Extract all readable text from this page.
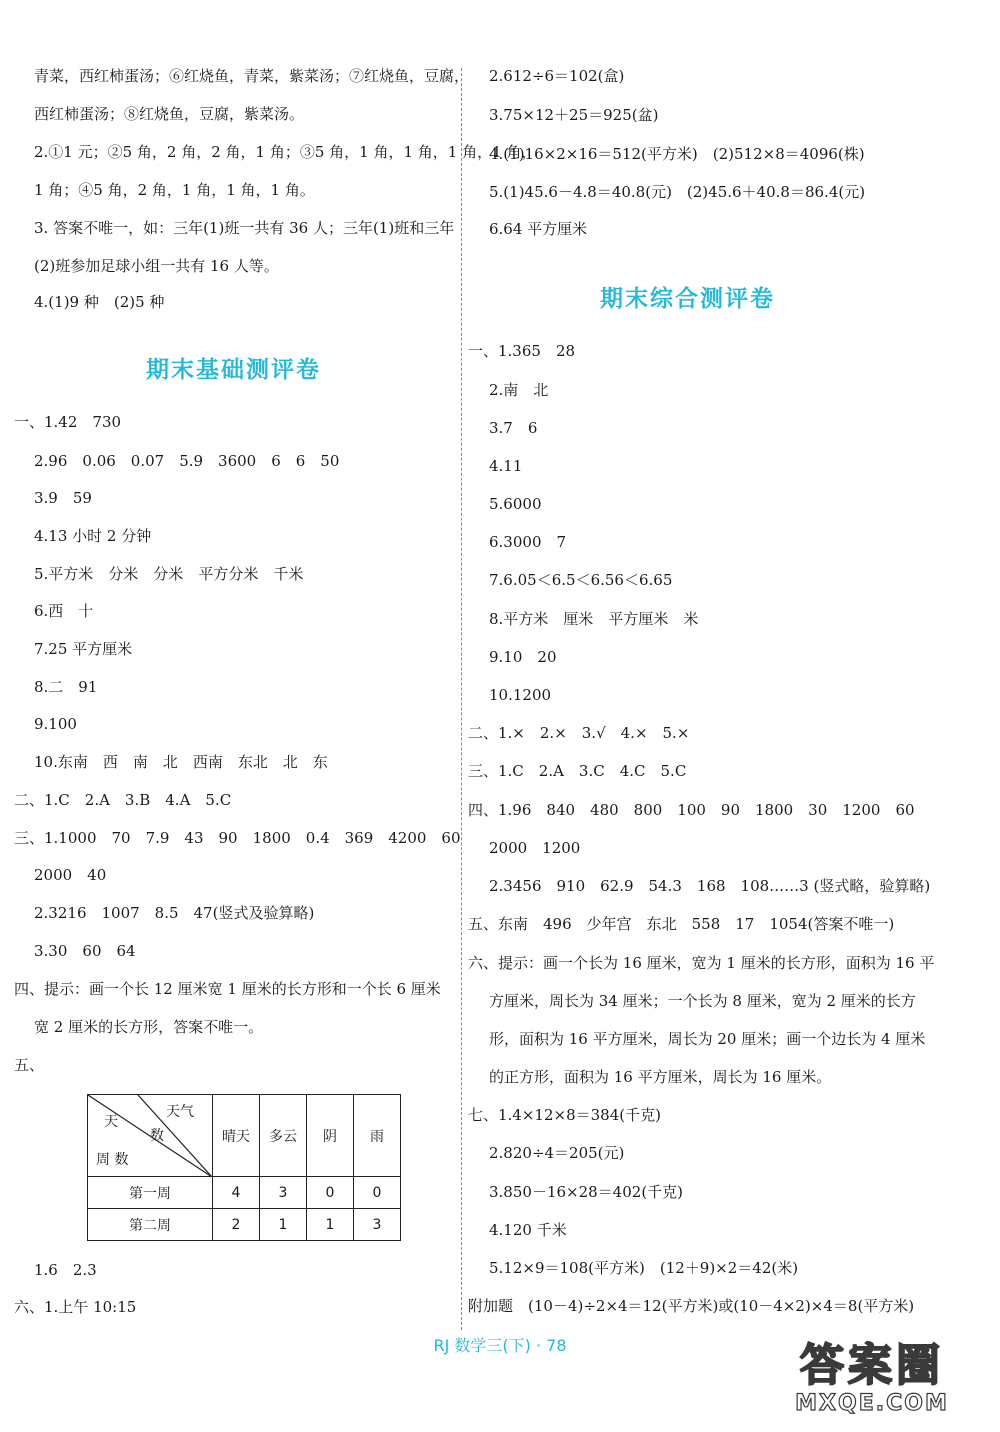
青菜，西红柿蛋汤；⑥红烧鱼，青菜，紫菜汤；⑦红烧鱼，豆腐，
西红柿蛋汤；⑧红烧鱼，豆腐，紫菜汤。
2.①1 元；②5 角，2 角，2 角，1 角；③5 角，1 角，1 角，1 角，1 角，
1 角；④5 角，2 角，1 角，1 角，1 角。
3. 答案不唯一，如：三年(1)班一共有 36 人；三年(1)班和三年
(2)班参加足球小组一共有 16 人等。
4.(1)9 种　(2)5 种
期末基础测评卷
一、1.42　730
2.96　0.06　0.07　5.9　3600　6　6　50
3.9　59
4.13 小时 2 分钟
5.平方米　分米　分米　平方分米　千米
6.西　十
7.25 平方厘米
8.二　91
9.100
10.东南　西　南　北　西南　东北　北　东
二、1.C　2.A　3.B　4.A　5.C
三、1.1000　70　7.9　43　90　1800　0.4　369　4200　60
2000　40
2.3216　1007　8.5　47(竖式及验算略)
3.30　60　64
四、提示：画一个长 12 厘米宽 1 厘米的长方形和一个长 6 厘米
宽 2 厘米的长方形，答案不唯一。
五、
天
天气
数
周 数	晴天	多云	阴	雨
第一周	4	3	0	0
第二周	2	1	1	3
1.6　2.3
六、1.上午 10:15
2.612÷6＝102(盒)
3.75×12＋25＝925(盆)
4.(1)16×2×16＝512(平方米)　(2)512×8＝4096(株)
5.(1)45.6－4.8＝40.8(元)　(2)45.6＋40.8＝86.4(元)
6.64 平方厘米
期末综合测评卷
一、1.365　28
2.南　北
3.7　6
4.11
5.6000
6.3000　7
7.6.05＜6.5＜6.56＜6.65
8.平方米　厘米　平方厘米　米
9.10　20
10.1200
二、1.×　2.×　3.√　4.×　5.×
三、1.C　2.A　3.C　4.C　5.C
四、1.96　840　480　800　100　90　1800　30　1200　60
2000　1200
2.3456　910　62.9　54.3　168　108……3 (竖式略，验算略)
五、东南　496　少年宫　东北　558　17　1054(答案不唯一)
六、提示：画一个长为 16 厘米，宽为 1 厘米的长方形，面积为 16 平
方厘米，周长为 34 厘米；一个长为 8 厘米，宽为 2 厘米的长方
形，面积为 16 平方厘米，周长为 20 厘米；画一个边长为 4 厘米
的正方形，面积为 16 平方厘米，周长为 16 厘米。
七、1.4×12×8＝384(千克)
2.820÷4＝205(元)
3.850－16×28＝402(千克)
4.120 千米
5.12×9＝108(平方米)　(12＋9)×2＝42(米)
附加题　(10－4)÷2×4＝12(平方米)或(10－4×2)×4＝8(平方米)
RJ 数学三(下) · 78	答案圈
MXQE.COM
